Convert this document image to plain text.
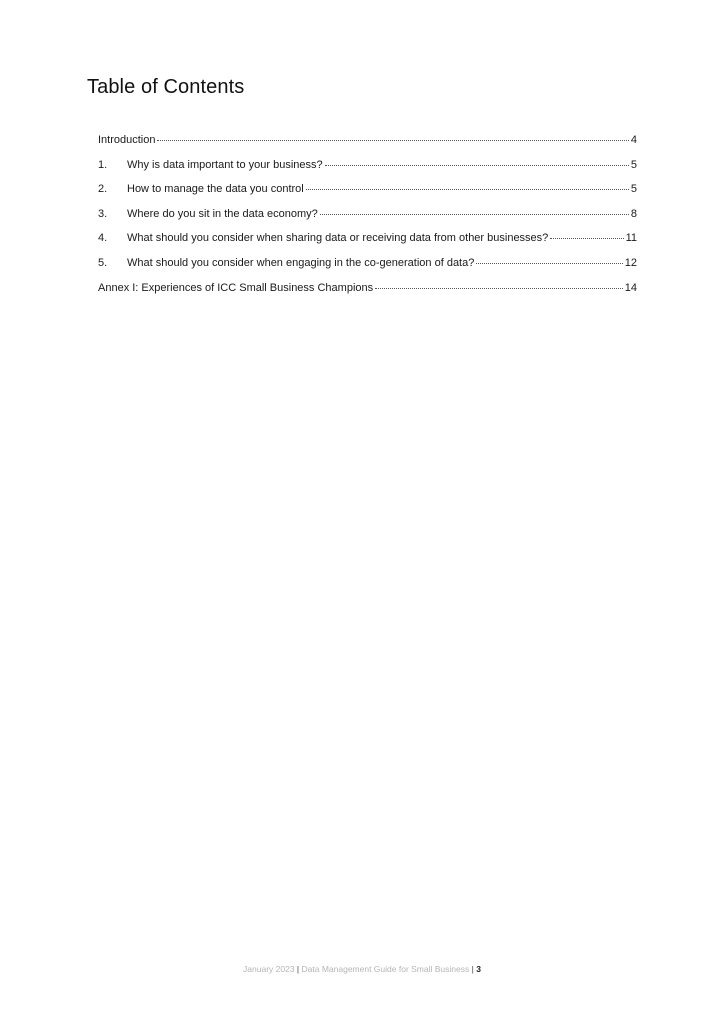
Table of Contents
Introduction	4
1.	Why is data important to your business?	5
2.	How to manage the data you control	5
3.	Where do you sit in the data economy?	8
4.	What should you consider when sharing data or receiving data from other businesses?	11
5.	What should you consider when engaging in the co-generation of data?	12
Annex I: Experiences of ICC Small Business Champions	14
January 2023 | Data Management Guide for Small Business | 3
